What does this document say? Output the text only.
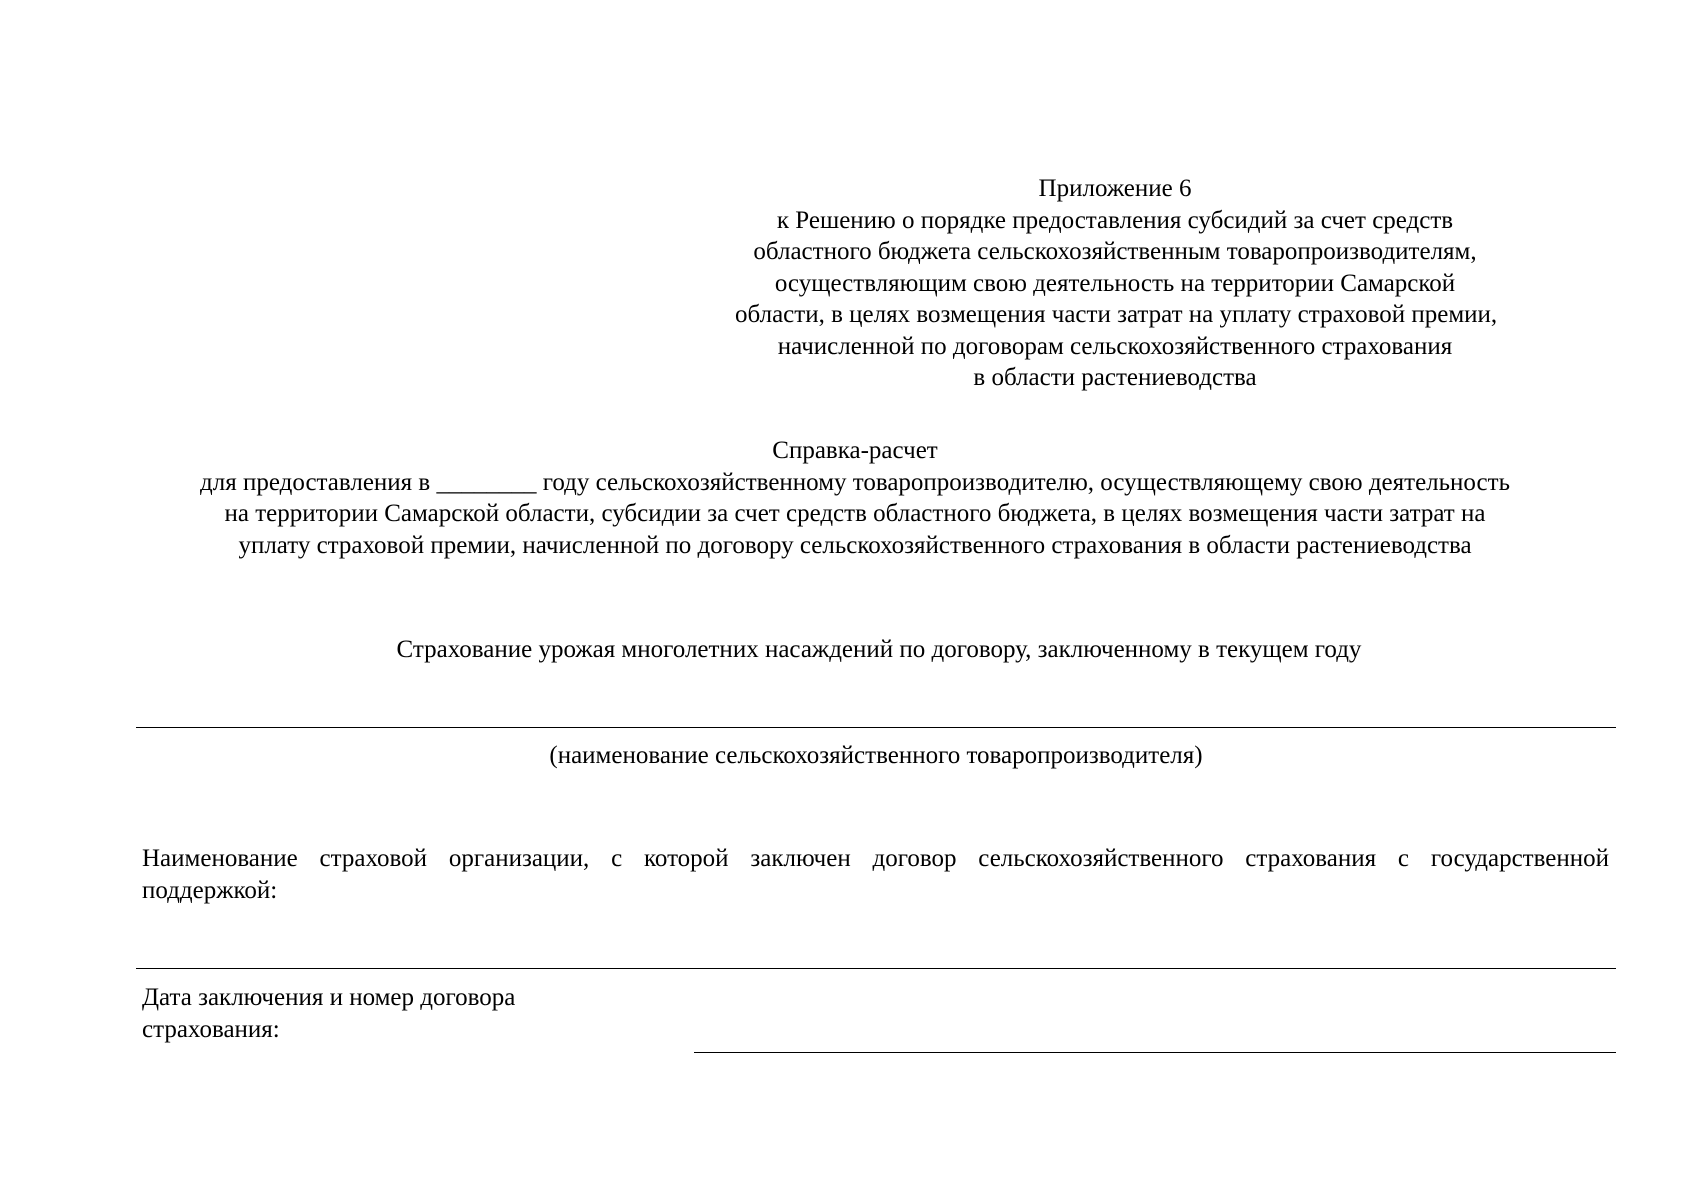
Приложение 6
к Решению о порядке предоставления субсидий за счет средств
областного бюджета сельскохозяйственным товаропроизводителям,
осуществляющим свою деятельность на территории Самарской
области, в целях возмещения части затрат на уплату страховой премии,
начисленной по договорам сельскохозяйственного страхования
в области растениеводства
Справка-расчет
для предоставления в ________ году сельскохозяйственному товаропроизводителю, осуществляющему свою деятельность
на территории Самарской области, субсидии за счет средств областного бюджета, в целях возмещения части затрат на
уплату страховой премии, начисленной по договору сельскохозяйственного страхования в области растениеводства
Страхование урожая многолетних насаждений по договору, заключенному в текущем году
(наименование сельскохозяйственного товаропроизводителя)
Наименование страховой организации, с которой заключен договор сельскохозяйственного страхования с государственной
поддержкой:
Дата заключения и номер договора
страхования:
